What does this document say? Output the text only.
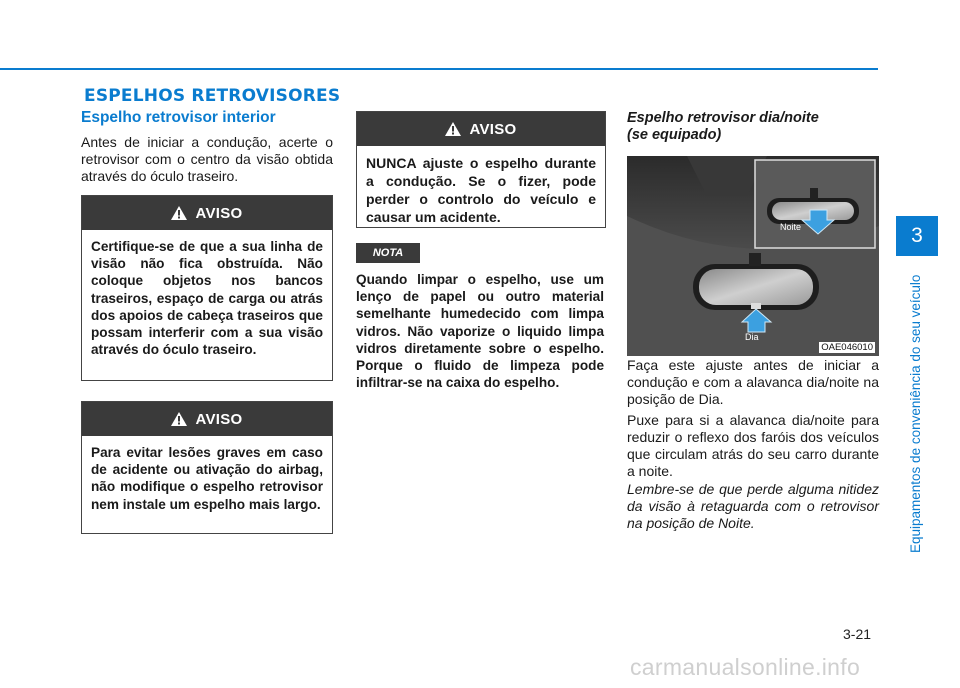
ESPELHOS RETROVISORES
Espelho retrovisor interior

Antes de iniciar a condução, acerte o retrovisor com o centro da visão obtida através do óculo traseiro.

AVISO
Certifique-se de que a sua linha de visão não fica obstruída. Não coloque objetos nos bancos traseiros, espaço de carga ou atrás dos apoios de cabeça traseiros que possam interferir com a sua visão através do óculo traseiro.
AVISO
Para evitar lesões graves em caso de acidente ou ativação do airbag, não modifique o espelho retrovisor nem instale um espelho mais largo.
AVISO
NUNCA ajuste o espelho durante a condução. Se o fizer, pode perder o controlo do veículo e causar um acidente.
NOTA
Quando limpar o espelho, use um lenço de papel ou outro material semelhante humedecido com limpa vidros. Não vaporize o liquido limpa vidros diretamente sobre o espelho. Porque o fluido de limpeza pode infiltrar-se na caixa do espelho.
Espelho retrovisor dia/noite
(se equipado)
Noite
Dia
OAE046010

Faça este ajuste antes de iniciar a condução e com a alavanca dia/noite na posição de Dia.

Puxe para si a alavanca dia/noite para reduzir o reflexo dos faróis dos veículos que circulam atrás do seu carro durante a noite.

Lembre-se de que perde alguma nitidez da visão à retaguarda com o retrovisor na posição de Noite.

3
Equipamentos de conveniência do seu veículo
3-21
carmanualsonline.info
